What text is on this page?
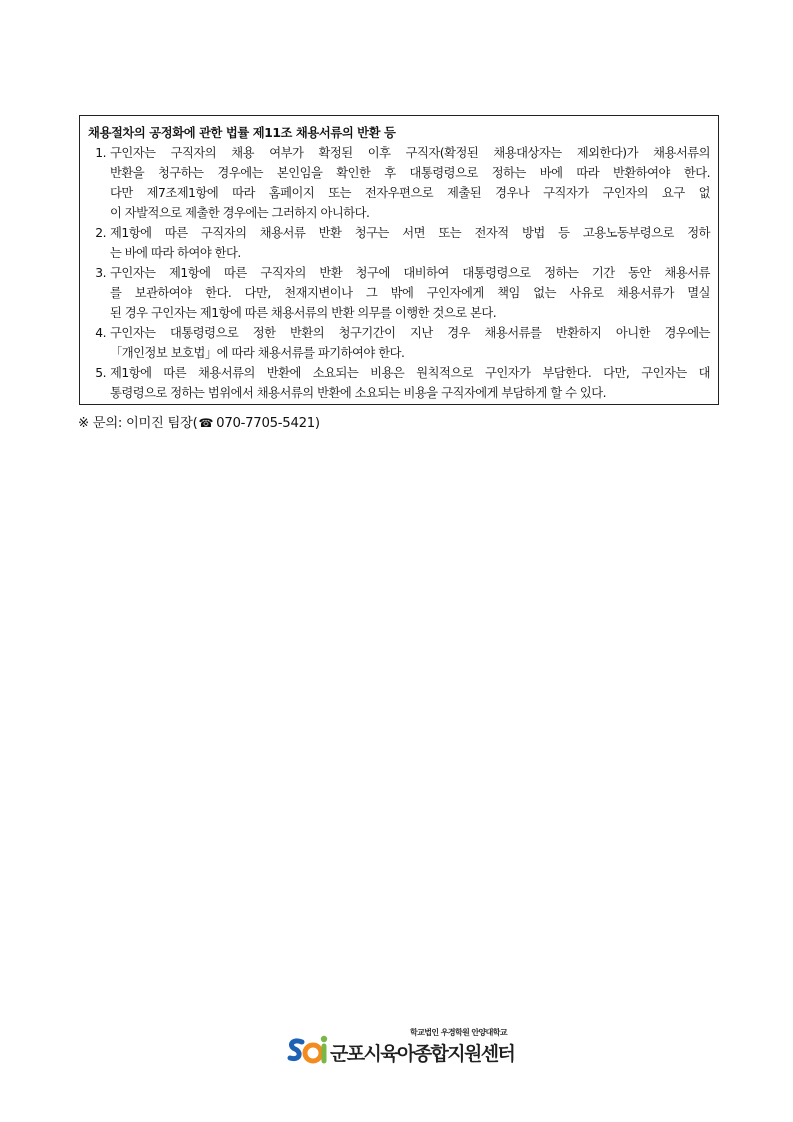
채용절차의 공정화에 관한 법률 제11조 채용서류의 반환 등
1. 구인자는 구직자의 채용 여부가 확정된 이후 구직자(확정된 채용대상자는 제외한다)가 채용서류의
반환을 청구하는 경우에는 본인임을 확인한 후 대통령령으로 정하는 바에 따라 반환하여야 한다.
다만 제7조제1항에 따라 홈페이지 또는 전자우편으로 제출된 경우나 구직자가 구인자의 요구 없
이 자발적으로 제출한 경우에는 그러하지 아니하다.
2. 제1항에 따른 구직자의 채용서류 반환 청구는 서면 또는 전자적 방법 등 고용노동부령으로 정하
는 바에 따라 하여야 한다.
3. 구인자는 제1항에 따른 구직자의 반환 청구에 대비하여 대통령령으로 정하는 기간 동안 채용서류
를 보관하여야 한다. 다만, 천재지변이나 그 밖에 구인자에게 책임 없는 사유로 채용서류가 멸실
된 경우 구인자는 제1항에 따른 채용서류의 반환 의무를 이행한 것으로 본다.
4. 구인자는 대통령령으로 정한 반환의 청구기간이 지난 경우 채용서류를 반환하지 아니한 경우에는
「개인정보 보호법」에 따라 채용서류를 파기하여야 한다.
5. 제1항에 따른 채용서류의 반환에 소요되는 비용은 원칙적으로 구인자가 부담한다. 다만, 구인자는 대
통령령으로 정하는 범위에서 채용서류의 반환에 소요되는 비용을 구직자에게 부담하게 할 수 있다.
※ 문의: 이미진 팀장(☎ 070-7705-5421)
학교법인 우경학원 안양대학교
군포시육아종합지원센터
